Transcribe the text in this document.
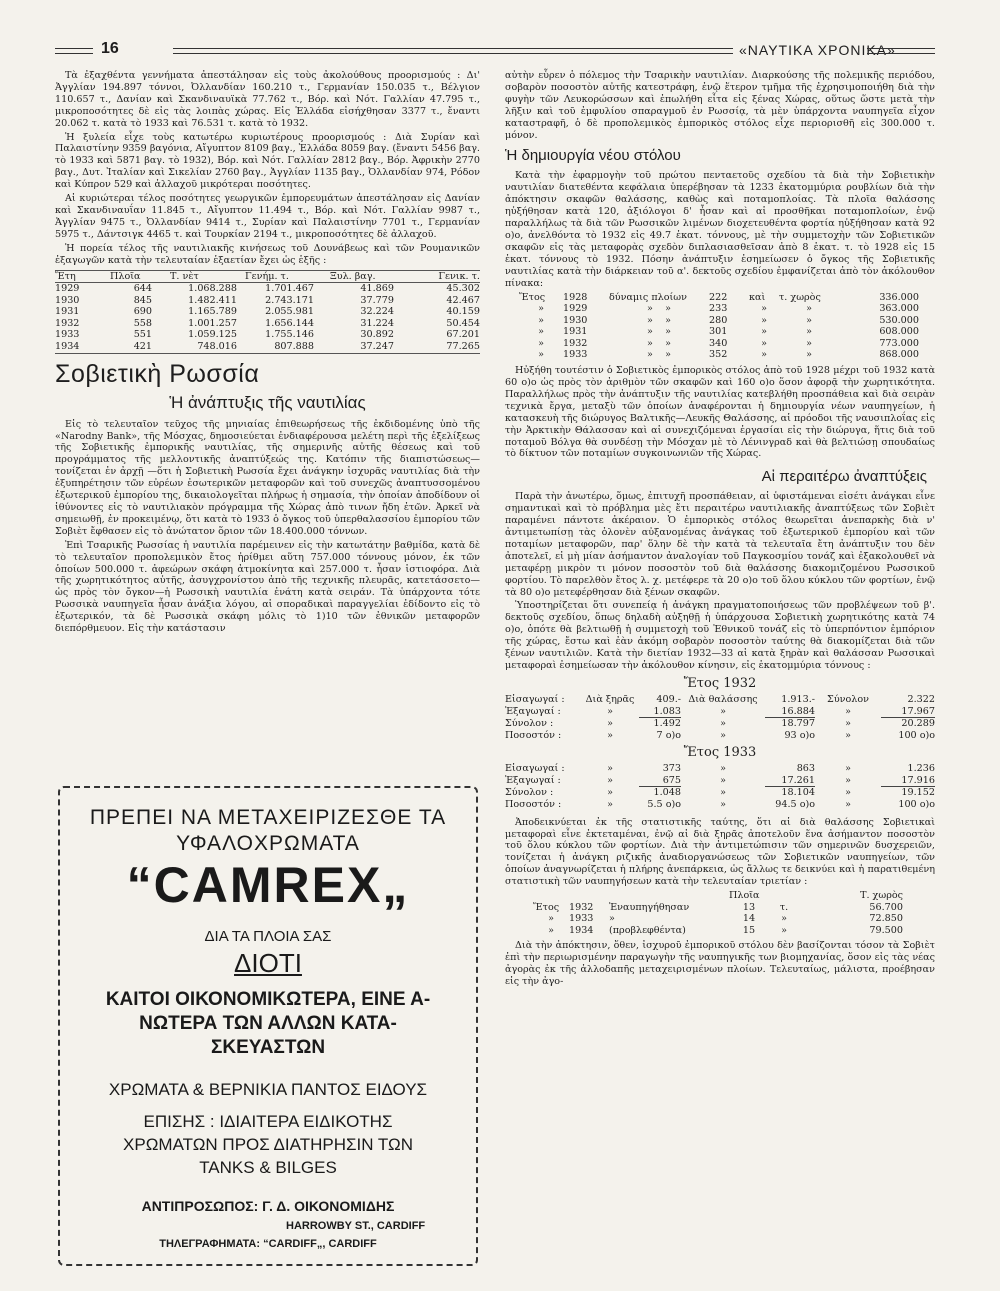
16	«ΝΑΥΤΙΚΑ ΧΡΟΝΙΚΑ»

Τὰ ἐξαχθέντα γεννήματα ἀπεστάλησαν εἰς τοὺς ἀκολούθους προορισμούς : Δι' Ἀγγλίαν 194.897 τόννοι, Ὀλλανδίαν 160.210 τ., Γερμανίαν 150.035 τ., Βέλγιον 110.657 τ., Δανίαν καὶ Σκανδιναυϊκὰ 77.762 τ., Βόρ. καὶ Νότ. Γαλλίαν 47.795 τ., μικροποσότητες δὲ εἰς τὰς λοιπὰς χώρας. Εἰς Ἑλλάδα εἰσήχθησαν 3377 τ., ἔναντι 20.062 τ. κατὰ τὸ 1933 καὶ 76.531 τ. κατὰ τὸ 1932.

Ἡ ξυλεία εἶχε τοὺς κατωτέρω κυριωτέρους προορισμούς : Διὰ Συρίαν καὶ Παλαιστίνην 9359 βαγόνια, Αἴγυπτον 8109 βαγ., Ἑλλάδα 8059 βαγ. (ἔναντι 5456 βαγ. τὸ 1933 καὶ 5871 βαγ. τὸ 1932), Βόρ. καὶ Νότ. Γαλλίαν 2812 βαγ., Βόρ. Ἀφρικὴν 2770 βαγ., Δυτ. Ἰταλίαν καὶ Σικελίαν 2760 βαγ., Ἀγγλίαν 1135 βαγ., Ὀλλανδίαν 974, Ρόδον καὶ Κύπρον 529 καὶ ἀλλαχοῦ μικρότεραι ποσότητες.

Αἱ κυριώτεραι τέλος ποσότητες γεωργικῶν ἐμπορευμάτων ἀπεστάλησαν εἰς Δανίαν καὶ Σκανδιναυΐαν 11.845 τ., Αἴγυπτον 11.494 τ., Βόρ. καὶ Νότ. Γαλλίαν 9987 τ., Ἀγγλίαν 9475 τ., Ὀλλανδίαν 9414 τ., Συρίαν καὶ Παλαιστίνην 7701 τ., Γερμανίαν 5975 τ., Δάντσιγκ 4465 τ. καὶ Τουρκίαν 2194 τ., μικροποσότητες δὲ ἀλλαχοῦ.

Ἡ πορεία τέλος τῆς ναυτιλιακῆς κινήσεως τοῦ Δουνάβεως καὶ τῶν Ρουμανικῶν ἐξαγωγῶν κατὰ τὴν τελευταίαν ἑξαετίαν ἔχει ὡς ἑξῆς :

Ἔτη	Πλοῖα	Τ. νὲτ	Γενήμ. τ.	Ξυλ. βαγ.	Γενικ. τ.
1929	644	1.068.288	1.701.467	41.869	45.302
1930	845	1.482.411	2.743.171	37.779	42.467
1931	690	1.165.789	2.055.981	32.224	40.159
1932	558	1.001.257	1.656.144	31.224	50.454
1933	551	1.059.125	1.755.146	30.892	67.201
1934	421	748.016	807.888	37.247	77.265
Σοβιετικὴ Ρωσσία
Ἡ ἀνάπτυξις τῆς ναυτιλίας

Εἰς τὸ τελευταῖον τεῦχος τῆς μηνιαίας ἐπιθεωρήσεως τῆς ἐκδιδομένης ὑπὸ τῆς «Narodny Bank», τῆς Μόσχας, δημοσιεύεται ἐνδιαφέρουσα μελέτη περὶ τῆς ἐξελίξεως τῆς Σοβιετικῆς ἐμπορικῆς ναυτιλίας, τῆς σημερινῆς αὐτῆς θέσεως καὶ τοῦ προγράμματος τῆς μελλοντικῆς ἀναπτύξεώς της. Κατόπιν τῆς διαπιστώσεως—τονίζεται ἐν ἀρχῇ —ὅτι ἡ Σοβιετικὴ Ρωσσία ἔχει ἀνάγκην ἰσχυρᾶς ναυτιλίας διὰ τὴν ἐξυπηρέτησιν τῶν εὐρέων ἐσωτερικῶν μεταφορῶν καὶ τοῦ συνεχῶς ἀναπτυσσομένου ἐξωτερικοῦ ἐμπορίου της, δικαιολογεῖται πλήρως ἡ σημασία, τὴν ὁποίαν ἀποδίδουν οἱ ἰθύνοντες εἰς τὸ ναυτιλιακὸν πρόγραμμα τῆς Χώρας ἀπὸ τινων ἤδη ἐτῶν. Ἀρκεῖ νὰ σημειωθῇ, ἐν προκειμένῳ, ὅτι κατὰ τὸ 1933 ὁ ὄγκος τοῦ ὑπερθαλασσίου ἐμπορίου τῶν Σοβιὲτ ἔφθασεν εἰς τὸ ἀνώτατον ὅριον τῶν 18.400.000 τόννων.

Ἐπὶ Τσαρικῆς Ρωσσίας ἡ ναυτιλία παρέμεινεν εἰς τὴν κατωτάτην βαθμίδα, κατὰ δὲ τὸ τελευταῖον προπολεμικὸν ἔτος ἠρίθμει αὕτη 757.000 τόννους μόνον, ἐκ τῶν ὁποίων 500.000 τ. ἀφεώρων σκάφη ἀτμοκίνητα καὶ 257.000 τ. ἦσαν ἱστιοφόρα. Διὰ τῆς χωρητικότητος αὐτῆς, ἀσυγχρονίστου ἀπὸ τῆς τεχνικῆς πλευρᾶς, κατετάσσετο—ὡς πρὸς τὸν ὄγκον—ἡ Ρωσσικὴ ναυτιλία ἐνάτη κατὰ σειράν. Τὰ ὑπάρχοντα τότε Ρωσσικὰ ναυπηγεῖα ἦσαν ἀνάξια λόγου, αἱ σποραδικαὶ παραγγελίαι ἐδίδοντο εἰς τὸ ἐξωτερικόν, τὰ δὲ Ρωσσικὰ σκάφη μόλις τὸ 1)10 τῶν ἐθνικῶν μεταφορῶν διεπόρθμευον. Εἰς τὴν κατάστασιν

ΠΡΕΠΕΙ ΝΑ ΜΕΤΑΧΕΙΡΙΖΕΣΘΕ ΤΑ
ΥΦΑΛΟΧΡΩΜΑΤΑ
“CAMREX„
ΔΙΑ ΤΑ ΠΛΟΙΑ ΣΑΣ
ΔΙΟΤΙ
ΚΑΙΤΟΙ ΟΙΚΟΝΟΜΙΚΩΤΕΡΑ, ΕΙΝΕ Α-
ΝΩΤΕΡΑ ΤΩΝ ΑΛΛΩΝ ΚΑΤΑ-
ΣΚΕΥΑΣΤΩΝ
ΧΡΩΜΑΤΑ & ΒΕΡΝΙΚΙΑ ΠΑΝΤΟΣ ΕΙΔΟΥΣ
ΕΠΙΣΗΣ : ΙΔΙΑΙΤΕΡΑ ΕΙΔΙΚΟΤΗΣ
ΧΡΩΜΑΤΩΝ ΠΡΟΣ ΔΙΑΤΗΡΗΣΙΝ ΤΩΝ
TANKS & BILGES
ΑΝΤΙΠΡΟΣΩΠΟΣ: Γ. Δ. ΟΙΚΟΝΟΜΙΔΗΣ
HARROWBY ST., CARDIFF
ΤΗΛΕΓΡΑΦΗΜΑΤΑ: “CARDIFF„, CARDIFF

αὐτὴν εὗρεν ὁ πόλεμος τὴν Τσαρικὴν ναυτιλίαν. Διαρκούσης τῆς πολεμικῆς περιόδου, σοβαρὸν ποσοστὸν αὐτῆς κατεστράφη, ἐνῷ ἕτερον τμῆμα τῆς ἐχρησιμοποιήθη διὰ τὴν φυγὴν τῶν Λευκορώσσων καὶ ἐπωλήθη εἶτα εἰς ξένας Χώρας, οὕτως ὥστε μετὰ τὴν λῆξιν καὶ τοῦ ἐμφυλίου σπαραγμοῦ ἐν Ρωσσίᾳ, τὰ μὲν ὑπάρχοντα ναυπηγεῖα εἶχον καταστραφῆ, ὁ δὲ προπολεμικὸς ἐμπορικὸς στόλος εἶχε περιορισθῆ εἰς 300.000 τ. μόνον.

Ἡ δημιουργία νέου στόλου

Κατὰ τὴν ἐφαρμογὴν τοῦ πρώτου πενταετοῦς σχεδίου τὰ διὰ τὴν Σοβιετικὴν ναυτιλίαν διατεθέντα κεφάλαια ὑπερέβησαν τὰ 1233 ἑκατομμύρια ρουβλίων διὰ τὴν ἀπόκτησιν σκαφῶν θαλάσσης, καθὼς καὶ ποταμοπλοίας. Τὰ πλοῖα θαλάσσης ηὐξήθησαν κατὰ 120, ἀξιόλογοι δ' ἦσαν καὶ αἱ προσθῆκαι ποταμοπλοίων, ἐνῷ παραλλήλως τὰ διὰ τῶν Ρωσσικῶν λιμένων διοχετευθέντα φορτία ηὐξήθησαν κατὰ 92 ο)ο, ἀνελθόντα τὸ 1932 εἰς 49.7 ἑκατ. τόννους, μὲ τὴν συμμετοχὴν τῶν Σοβιετικῶν σκαφῶν εἰς τὰς μεταφορὰς σχεδὸν διπλασιασθεῖσαν ἀπὸ 8 ἑκατ. τ. τὸ 1928 εἰς 15 ἑκατ. τόννους τὸ 1932. Πόσην ἀνάπτυξιν ἐσημείωσεν ὁ ὄγκος τῆς Σοβιετικῆς ναυτιλίας κατὰ τὴν διάρκειαν τοῦ α'. δεκτοῦς σχεδίου ἐμφανίζεται ἀπὸ τὸν ἀκόλουθον πίνακα:

Ἔτος	1928	δύναμις πλοίων	222	καὶ	τ. χωρὸς	336.000
»	1929	» »	233	»	»	363.000
»	1930	» »	280	»	»	530.000
»	1931	» »	301	»	»	608.000
»	1932	» »	340	»	»	773.000
»	1933	» »	352	»	»	868.000

Ηὐξήθη τουτέστιν ὁ Σοβιετικὸς ἐμπορικὸς στόλος ἀπὸ τοῦ 1928 μέχρι τοῦ 1932 κατὰ 60 ο)ο ὡς πρὸς τὸν ἀριθμὸν τῶν σκαφῶν καὶ 160 ο)ο ὅσον ἀφορᾷ τὴν χωρητικότητα. Παραλλήλως πρὸς τὴν ἀνάπτυξιν τῆς ναυτιλίας κατεβλήθη προσπάθεια καὶ διὰ σειρὰν τεχνικὰ ἔργα, μεταξὺ τῶν ὁποίων ἀναφέρονται ἡ δημιουργία νέων ναυπηγείων, ἡ κατασκευὴ τῆς διώρυγος Βαλτικῆς—Λευκῆς Θαλάσσης, αἱ πρόοδοι τῆς ναυσιπλοΐας εἰς τὴν Ἀρκτικὴν Θάλασσαν καὶ αἱ συνεχιζόμεναι ἐργασίαι εἰς τὴν διώρυγα, ἥτις διὰ τοῦ ποταμοῦ Βόλγα θὰ συνδέσῃ τὴν Μόσχαν μὲ τὸ Λένινγραδ καὶ θὰ βελτιώσῃ σπουδαίως τὸ δίκτυον τῶν ποταμίων συγκοινωνιῶν τῆς Χώρας.

Αἱ περαιτέρω ἀναπτύξεις

Παρὰ τὴν ἀνωτέρω, ὅμως, ἐπιτυχῆ προσπάθειαν, αἱ ὑφιστάμεναι εἰσέτι ἀνάγκαι εἶνε σημαντικαὶ καὶ τὸ πρόβλημα μὲς ἔτι περαιτέρω ναυτιλιακῆς ἀναπτύξεως τῶν Σοβιὲτ παραμένει πάντοτε ἀκέραιον. Ὁ ἐμπορικὸς στόλος θεωρεῖται ἀνεπαρκὴς διὰ ν' ἀντιμετωπίσῃ τὰς ὁλονὲν αὐξανομένας ἀνάγκας τοῦ ἐξωτερικοῦ ἐμπορίου καὶ τῶν ποταμίων μεταφορῶν, παρ' ὅλην δὲ τὴν κατὰ τὰ τελευταῖα ἔτη ἀνάπτυξιν του δὲν ἀποτελεῖ, εἰ μὴ μίαν ἀσήμαντον ἀναλογίαν τοῦ Παγκοσμίου τονάζ καὶ ἐξακολουθεῖ νὰ μεταφέρῃ μικρὸν τι μόνον ποσοστὸν τοῦ διὰ θαλάσσης διακομιζομένου Ρωσσικοῦ φορτίου. Τὸ παρελθὸν ἔτος λ. χ. μετέφερε τὰ 20 ο)ο τοῦ ὅλου κύκλου τῶν φορτίων, ἐνῷ τὰ 80 ο)ο μετεφέρθησαν διὰ ξένων σκαφῶν.

Ὑποστηρίζεται ὅτι συνεπείᾳ ἡ ἀνάγκη πραγματοποιήσεως τῶν προβλέψεων τοῦ β'. δεκτοῦς σχεδίου, ὅπως δηλαδὴ αὐξηθῇ ἡ ὑπάρχουσα Σοβιετικὴ χωρητικότης κατὰ 74 ο)ο, ὁπότε θὰ βελτιωθῇ ἡ συμμετοχὴ τοῦ Ἐθνικοῦ τονάζ εἰς τὸ ὑπερπόντιον ἐμπόριον τῆς χώρας, ἔστω καὶ ἐὰν ἀκόμη σοβαρὸν ποσοστὸν ταύτης θὰ διακομίζεται διὰ τῶν ξένων ναυτιλιῶν. Κατὰ τὴν διετίαν 1932—33 αἱ κατὰ ξηρὰν καὶ θαλάσσαν Ρωσσικαὶ μεταφοραὶ ἐσημείωσαν τὴν ἀκόλουθον κίνησιν, εἰς ἑκατομμύρια τόννους :

Ἔτος 1932
Εἰσαγωγαί :	Διὰ ξηρᾶς	409.-	Διὰ θαλάσσης	1.913.-	Σύνολον	2.322
Ἐξαγωγαί :	»	1.083	»	16.884	»	17.967
Σύνολον :	»	1.492	»	18.797	»	20.289
Ποσοστόν :	»	7 ο)ο	»	93 ο)ο	»	100 ο)ο
Ἔτος 1933
Εἰσαγωγαί :	»	373	»	863	»	1.236
Ἐξαγωγαί :	»	675	»	17.261	»	17.916
Σύνολον :	»	1.048	»	18.104	»	19.152
Ποσοστόν :	»	5.5 ο)ο	»	94.5 ο)ο	»	100 ο)ο

Ἀποδεικνύεται ἐκ τῆς στατιστικῆς ταύτης, ὅτι αἱ διὰ θαλάσσης Σοβιετικαὶ μεταφοραὶ εἶνε ἐκτεταμέναι, ἐνῷ αἱ διὰ ξηρᾶς ἀποτελοῦν ἕνα ἀσήμαντον ποσοστὸν τοῦ ὅλου κύκλου τῶν φορτίων. Διὰ τὴν ἀντιμετώπισιν τῶν σημερινῶν δυσχερειῶν, τονίζεται ἡ ἀνάγκη ριζικῆς ἀναδιοργανώσεως τῶν Σοβιετικῶν ναυπηγείων, τῶν ὁποίων ἀναγνωρίζεται ἡ πλήρης ἀνεπάρκεια, ὡς ἄλλως τε δεικνύει καὶ ἡ παρατιθεμένη στατιστικὴ τῶν ναυπηγήσεων κατὰ τὴν τελευταίαν τριετίαν :

			Πλοῖα		Τ. χωρὸς
Ἔτος	1932	Ἐναυπηγήθησαν	13	τ.	56.700
»	1933	»	14	»	72.850
»	1934	(προβλεφθέντα)	15	»	79.500

Διὰ τὴν ἀπόκτησιν, ὅθεν, ἰσχυροῦ ἐμπορικοῦ στόλου δὲν βασίζονται τόσον τὰ Σοβιὲτ ἐπὶ τὴν περιωρισμένην παραγωγὴν τῆς ναυπηγικῆς των βιομηχανίας, ὅσον εἰς τὰς νέας ἀγορὰς ἐκ τῆς ἀλλοδαπῆς μεταχειρισμένων πλοίων. Τελευταίως, μάλιστα, προέβησαν εἰς τὴν ἀγο-
